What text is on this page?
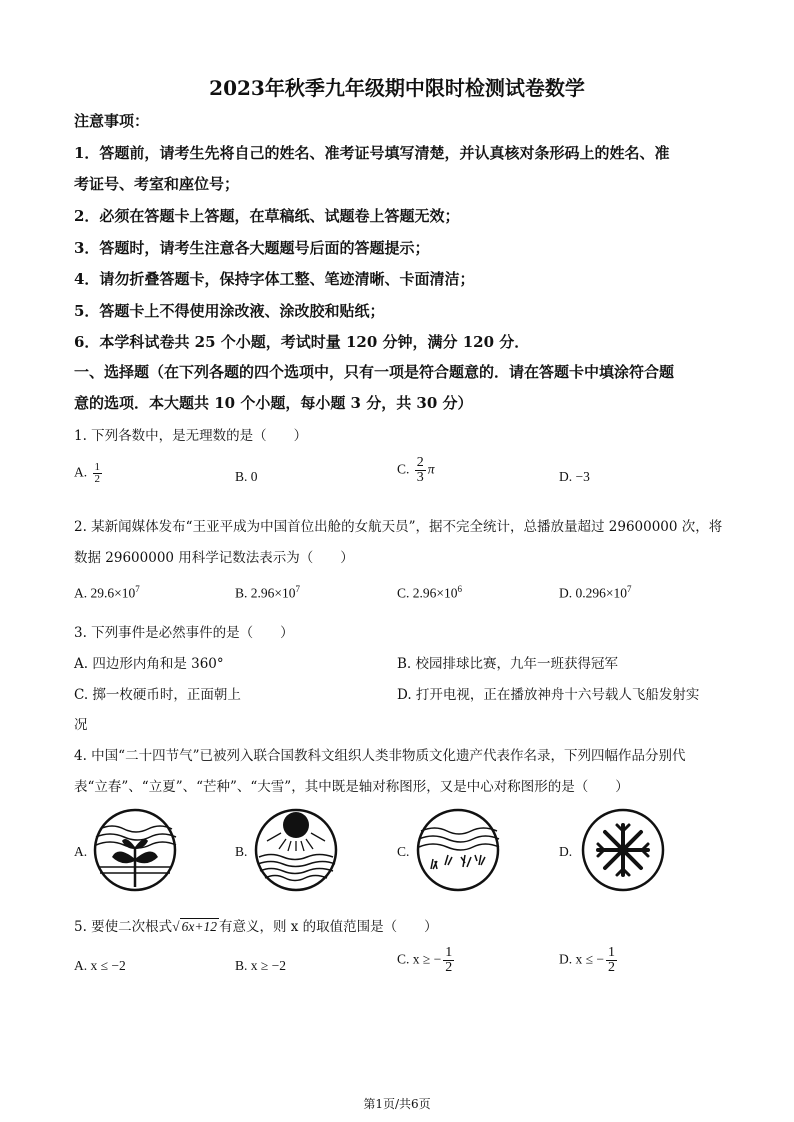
2023年秋季九年级期中限时检测试卷数学
注意事项：
1．答题前，请考生先将自己的姓名、准考证号填写清楚，并认真核对条形码上的姓名、准
考证号、考室和座位号；
2．必须在答题卡上答题，在草稿纸、试题卷上答题无效；
3．答题时，请考生注意各大题题号后面的答题提示；
4．请勿折叠答题卡，保持字体工整、笔迹清晰、卡面清洁；
5．答题卡上不得使用涂改液、涂改胶和贴纸；
6．本学科试卷共 25 个小题，考试时量 120 分钟，满分 120 分．
一、选择题（在下列各题的四个选项中，只有一项是符合题意的．请在答题卡中填涂符合题
意的选项．本大题共 10 个小题，每小题 3 分，共 30 分）
1. 下列各数中，是无理数的是（　　）
A. $\frac{1}{2}$	B. 0	C. $\frac{2}{3}$ π	D. −3
2. 某新闻媒体发布“王亚平成为中国首位出舱的女航天员”，据不完全统计，总播放量超过 29600000 次，将
数据 29600000 用科学记数法表示为（　　）
A. $29.6\times 10^7$	B. $2.96\times 10^7$	C. $2.96\times 10^6$	D. $0.296\times 10^7$
3. 下列事件是必然事件的是（　　）
A. 四边形内角和是 360°	B. 校园排球比赛，九年一班获得冠军
C. 掷一枚硬币时，正面朝上	D. 打开电视，正在播放神舟十六号载人飞船发射实
况
4. 中国“二十四节气”已被列入联合国教科文组织人类非物质文化遗产代表作名录，下列四幅作品分别代
表“立春”、“立夏”、“芒种”、“大雪”，其中既是轴对称图形，又是中心对称图形的是（　　）
A.	B.	C.	D.
5. 要使二次根式√ 6x+12 有意义，则 x 的取值范围是（　　）
A. x ≤ −2	B. x ≥ −2	C. x ≥ − $\frac{1}{2}$	D. x ≤ − $\frac{1}{2}$
第1页/共6页
